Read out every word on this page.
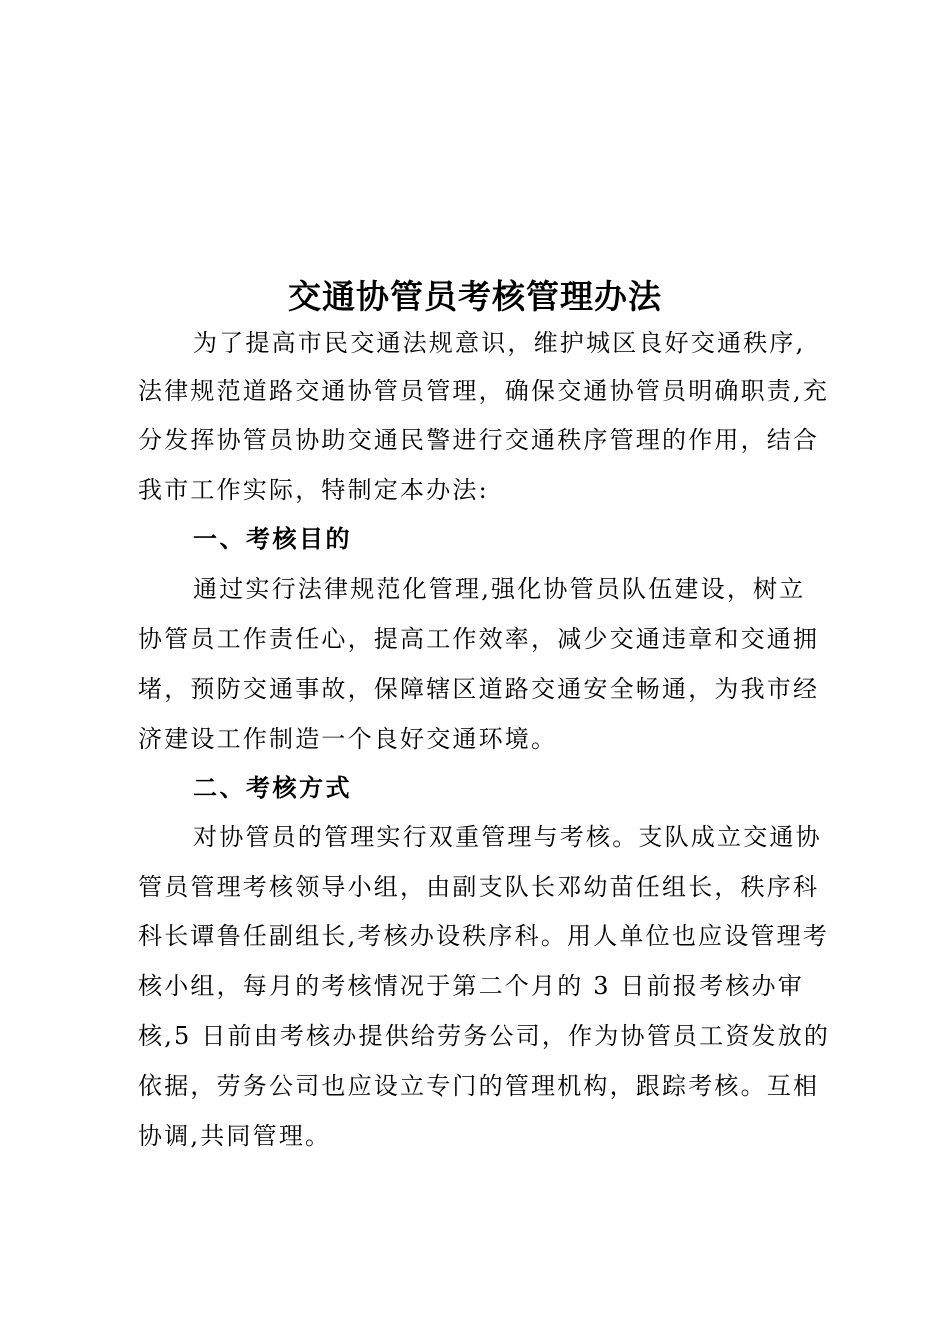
交通协管员考核管理办法
为了提高市民交通法规意识，维护城区良好交通秩序,
法律规范道路交通协管员管理，确保交通协管员明确职责,充
分发挥协管员协助交通民警进行交通秩序管理的作用，结合
我市工作实际，特制定本办法:
一、考核目的
通过实行法律规范化管理,强化协管员队伍建设，树立
协管员工作责任心，提高工作效率，减少交通违章和交通拥
堵，预防交通事故，保障辖区道路交通安全畅通，为我市经
济建设工作制造一个良好交通环境。
二、考核方式
对协管员的管理实行双重管理与考核。支队成立交通协
管员管理考核领导小组，由副支队长邓幼苗任组长，秩序科
科长谭鲁任副组长,考核办设秩序科。用人单位也应设管理考
核小组，每月的考核情况于第二个月的 3 日前报考核办审
核,5 日前由考核办提供给劳务公司，作为协管员工资发放的
依据，劳务公司也应设立专门的管理机构，跟踪考核。互相
协调,共同管理。
